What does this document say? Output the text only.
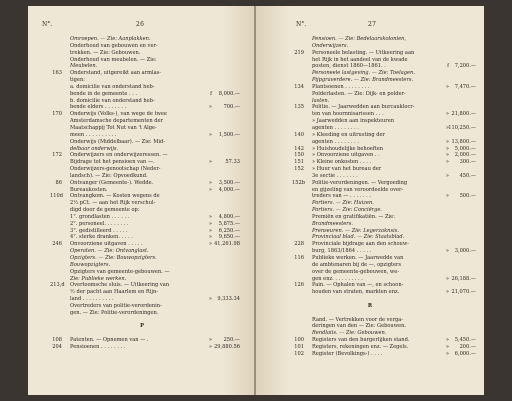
N°.	26
Omroepen. — Zie: Aanplakken.
Onderhoud van gebouwen en ver-
trekken. — Zie: Gebouwen.
Onderhoud van meubelen. — Zie:
Meubelen.
163 Onderstand, uitgereikt aan armlas-
tigen:
a. domicilie van onderstand heb-
bende in de gemeente . . .	f	8,000.—
b. domicilie van onderstand heb-
bende elders . . . . . . .	»	700.—
170 Onderwijs (Volks-), van wege de twee
Amsterdamsche departementen der
Maatschappij Tot Nut van 't Alge-
meen . . . . . . . . . .	»	1,500.—
Onderwijs (Middelbaar). — Zie: Mid-
delbaar onderwijs.
172 Onderwijzers en onderwijzeressen. —
Bijdrage tot het pensioen van —.	»	57.33
Onderwijzers-genootschap (Neder-
landsch). — Zie: Opvoedkund.
86 Ontvanger (Gemeente-). Wedde.	»	3,500.—
Bureaukosten.	»	4,000.—
110d Ontvangkom. — Kosten wegens de
2½ pCt. — aan het Rijk verschul-
digd door de gemeente op:
1°. grondlasten . . . . . .	»	4,800.—
2°. personeel. . . . . . . .	»	5,875.—
3°. gedistilleerd . . . . .	»	6,250.—
4°. sterke dranken. . . . .	»	9,650.—
246 Onvoorziene uitgaven . . . . .	» 41,261.98
Operaten. — Zie: Ontvanglast.
Opzigters. — Zie: Bouwopzigters.
Bouwopzigters.
Opzigters van gemeente-gebouwen. —
Zie: Publieke werken.
213,d Overtoomsche sluis. — Uitkeering van
½ der pacht aan Haarlem en Rijn-
land . . . . . . . . . .	»	9,333.34
Overtreders van politie-verordenin-
gen. — Zie: Politie-verordeningen.
P
108 Patenten. — Opnemen van — .	»	250.—
204 Pensioenen . . . . . . . .	» 29,880.56
N°.	27
Pensioen. — Zie: Bedelaarskolonien,
Onderwijzers.
219 Personeele belasting. — Uitkeering aan
het Rijk in het aandeel van de kwade
posten, dienst 1860—1861. .	f	7,200.—
Personeele lastgeving. — Zie: Toelagen.
Pijpgraverdere. — Zie: Brandmeesters.
134 Plantsoenen . . . . . . . .	»	7,470.—
Polderlasten. — Zie: Dijk- en polder-
lasten.
135 Politie. — Jaarwedden aan burcauklocr-
ten van hoornnisarissen . . .	» 21,800.—
» Jaarwedden aan inspekteuren
agenten . . . . . . . .	» 110,250.—
140 » Kleeding en uitrusting der
agenten . . . . . . . .	» 13,800.—
142 » Huishoudelijke behoeften	»	5,000.—
150 » Onvoorziene uitgaven . .	»	2,000.—
151 » Kleine onkosten . . . .	»	300.—
152 » Huur van het bureau der
3e sectie . . . . . . .	»	450.—
152b Politie-verordeningen. — Vergoeding
en gijzeling van veroordeelde over-
treders van — . . . . . . .	»	500.—
Portiers. — Zie: Huizen.
Portiers. — Zie: Conciërge.
Premiën en gratifikatiën. — Zie:
Brandmeesters.
Prenseuren. — Zie: Legerzaknsis.
Provinciaal blad. — Zie: Staatsblad.
228 Provinciale bijdrage aan den schouw-
burg, 1863/1864 . . . . .	»	3,000.—
116 Publieke werken. — Jaarwedde van
de ambtenaren bij de —, opzigters
over de gemeente-gebouwen, we-
gen enz. . . . . . . . . .	» 26,188.—
126 Pain. — Ophalen van —, en schoon-
houden van straten, markten enz.	» 21,070.—
R
Rand. — Vertrekken voor de verga-
deringen van den — Zie: Gebouwen.
Rendlaiis. — Zie: Gebouwen.
100 Registers van den burgerlijken stand.	»	5,450.—
101 Registers, rekeningen enz. — Zegels.	»	200.—
102 Register (Bevolkings-) . . . .	»	6,000.—
